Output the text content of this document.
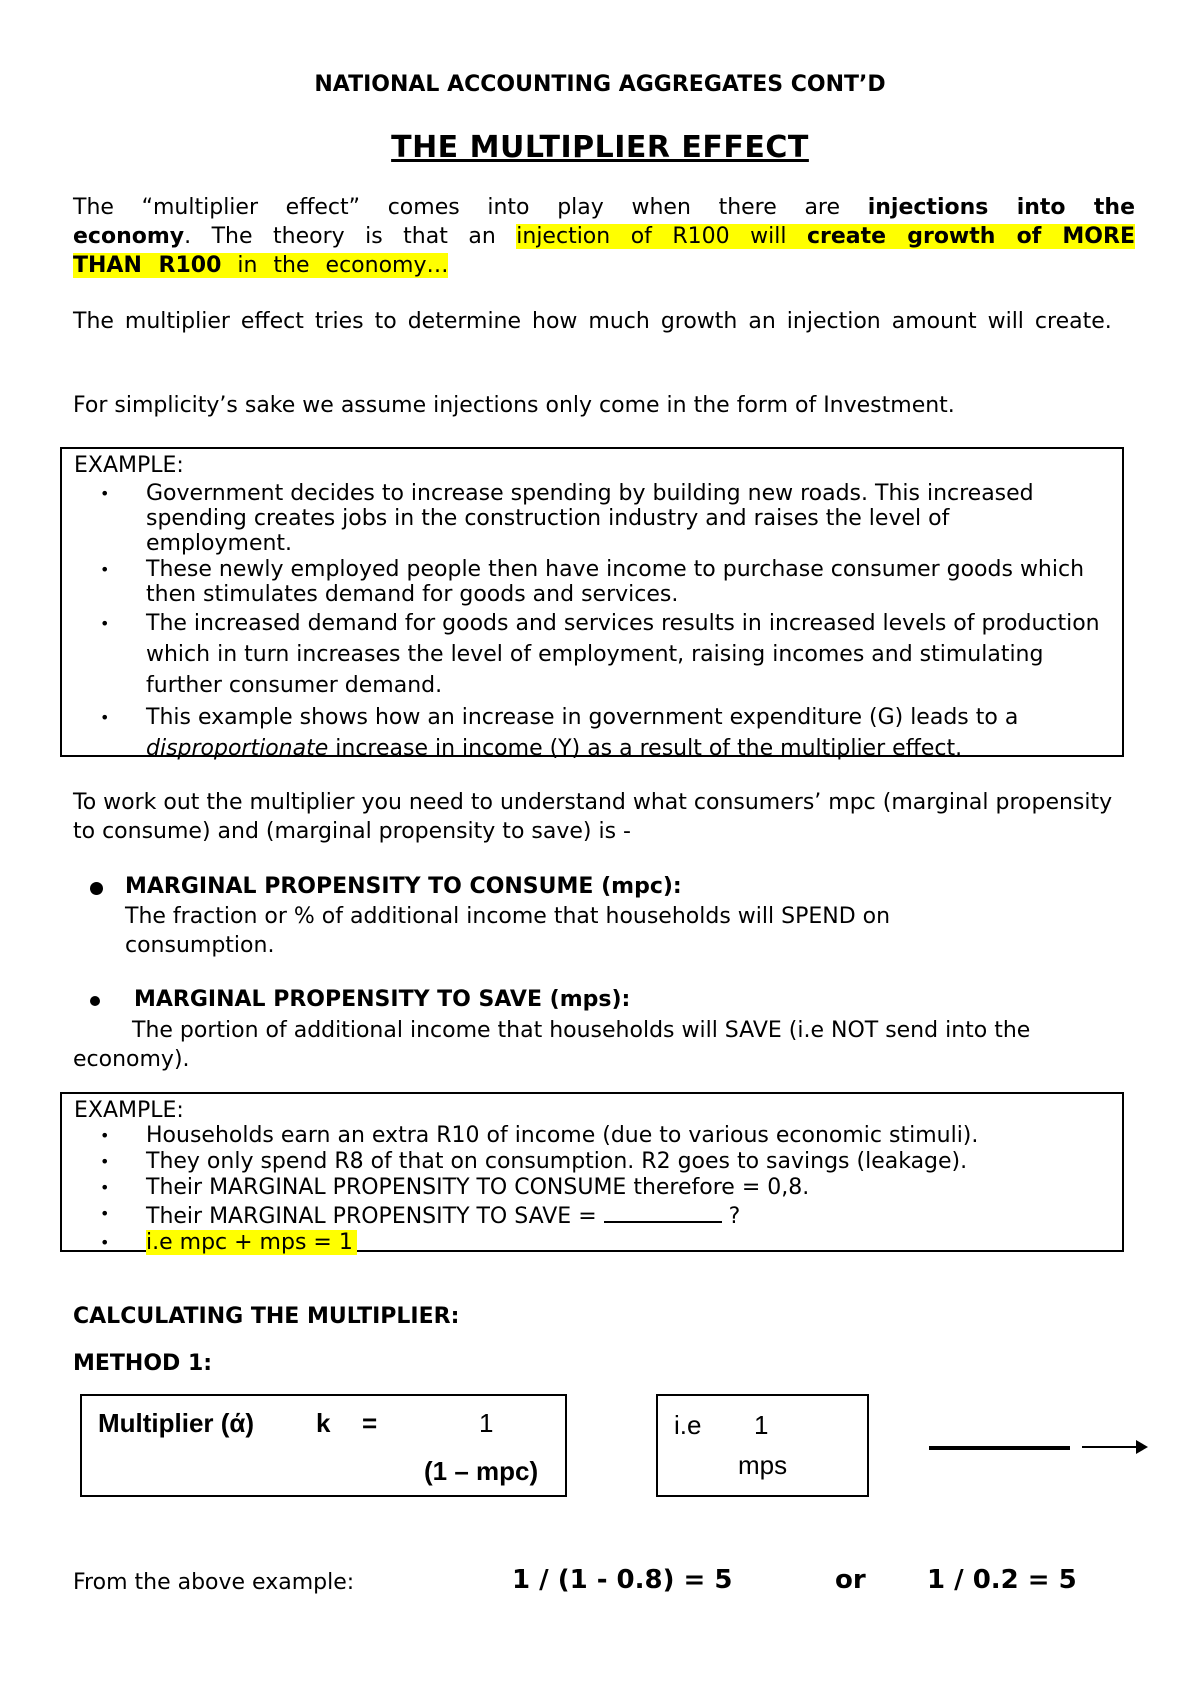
NATIONAL ACCOUNTING AGGREGATES CONT’D
THE MULTIPLIER EFFECT
The “multiplier effect” comes into play when there are injections into the economy. The theory is that an injection of R100 will create growth of MORE THAN R100 in the economy…
The multiplier effect tries to determine how much growth an injection amount will create.
For simplicity’s sake we assume injections only come in the form of Investment.
EXAMPLE:
• Government decides to increase spending by building new roads. This increased spending creates jobs in the construction industry and raises the level of employment.
• These newly employed people then have income to purchase consumer goods which then stimulates demand for goods and services.
• The increased demand for goods and services results in increased levels of production which in turn increases the level of employment, raising incomes and stimulating further consumer demand.
• This example shows how an increase in government expenditure (G) leads to a disproportionate increase in income (Y) as a result of the multiplier effect.
To work out the multiplier you need to understand what consumers’ mpc (marginal propensity to consume) and (marginal propensity to save) is -
MARGINAL PROPENSITY TO CONSUME (mpc):
The fraction or % of additional income that households will SPEND on consumption.
MARGINAL PROPENSITY TO SAVE (mps):
The portion of additional income that households will SAVE (i.e NOT send into the economy).
EXAMPLE:
• Households earn an extra R10 of income (due to various economic stimuli).
• They only spend R8 of that on consumption. R2 goes to savings (leakage).
• Their MARGINAL PROPENSITY TO CONSUME therefore = 0,8.
• Their MARGINAL PROPENSITY TO SAVE =	?
• i.e mpc + mps = 1
CALCULATING THE MULTIPLIER:
METHOD 1:
Multiplier (ά) k =	1
(1 – mpc)
i.e 1
mps
From the above example:	1 / (1 - 0.8) = 5	or 1 / 0.2 = 5
